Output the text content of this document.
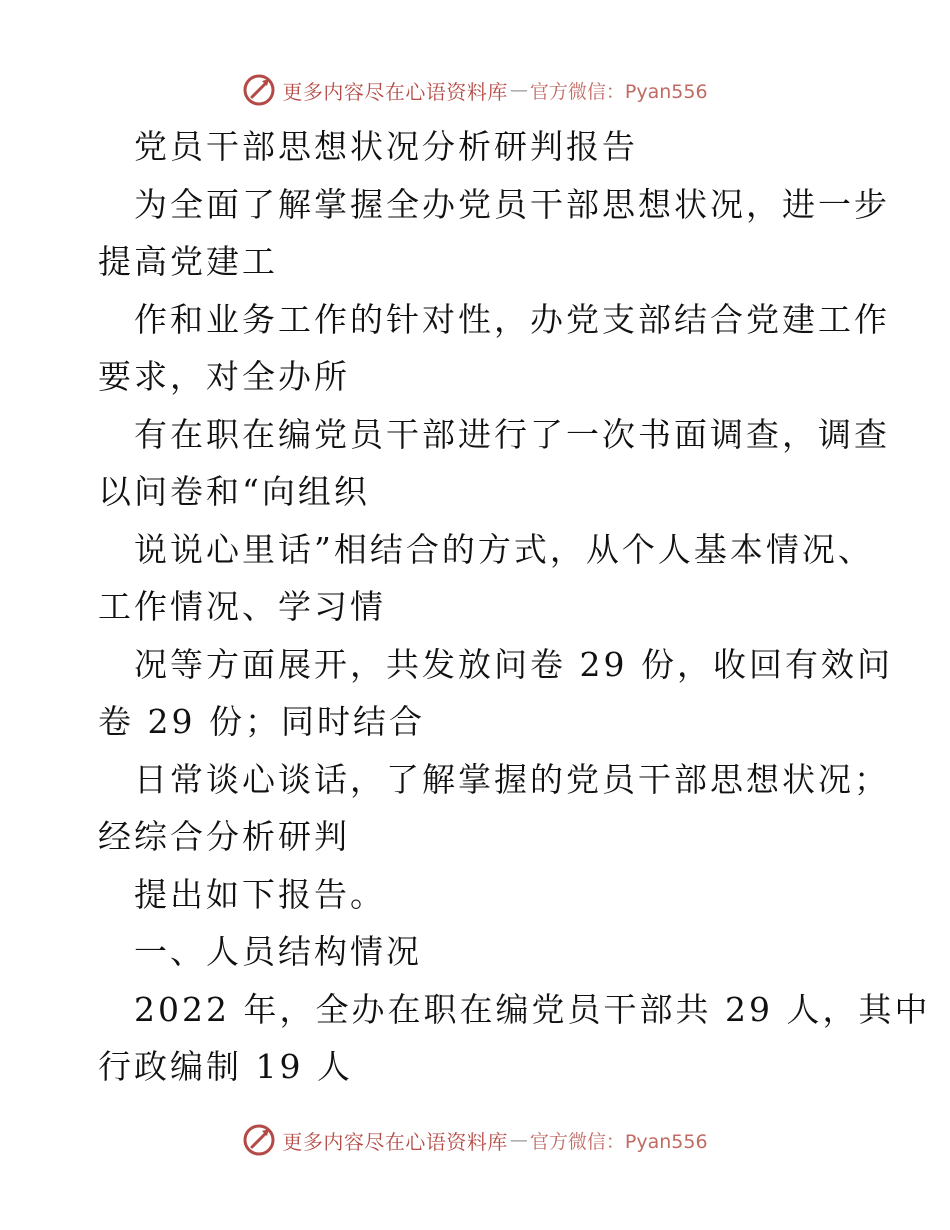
更多内容尽在心语资料库 — 官方微信：Pyan556
党员干部思想状况分析研判报告
为全面了解掌握全办党员干部思想状况，进一步
提高党建工
作和业务工作的针对性，办党支部结合党建工作
要求，对全办所
有在职在编党员干部进行了一次书面调查，调查
以问卷和“向组织
说说心里话”相结合的方式，从个人基本情况、
工作情况、学习情
况等方面展开，共发放问卷 29 份，收回有效问
卷 29 份；同时结合
日常谈心谈话，了解掌握的党员干部思想状况；
经综合分析研判
提出如下报告。
一、人员结构情况
2022 年，全办在职在编党员干部共 29 人，其中
行政编制 19 人
更多内容尽在心语资料库 — 官方微信：Pyan556
